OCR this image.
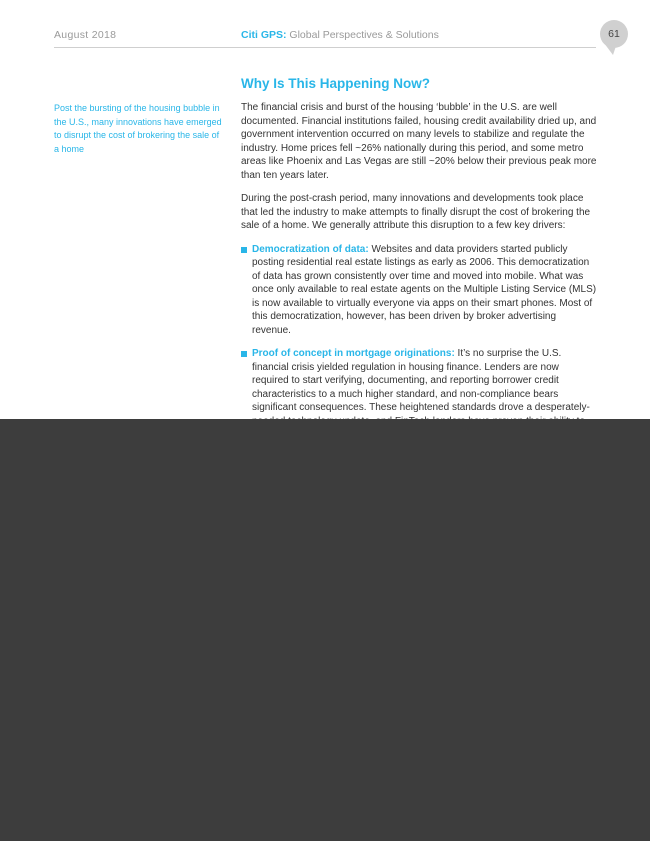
August 2018	Citi GPS: Global Perspectives & Solutions	61
Post the bursting of the housing bubble in the U.S., many innovations have emerged to disrupt the cost of brokering the sale of a home
Why Is This Happening Now?

The financial crisis and burst of the housing ‘bubble’ in the U.S. are well documented. Financial institutions failed, housing credit availability dried up, and government intervention occurred on many levels to stabilize and regulate the industry. Home prices fell ~26% nationally during this period, and some metro areas like Phoenix and Las Vegas are still ~20% below their previous peak more than ten years later.

During the post-crash period, many innovations and developments took place that led the industry to make attempts to finally disrupt the cost of brokering the sale of a home. We generally attribute this disruption to a few key drivers:

Democratization of data: Websites and data providers started publicly posting residential real estate listings as early as 2006. This democratization of data has grown consistently over time and moved into mobile. What was once only available to real estate agents on the Multiple Listing Service (MLS) is now available to virtually everyone via apps on their smart phones. Most of this democratization, however, has been driven by broker advertising revenue.
Proof of concept in mortgage originations: It’s no surprise the U.S. financial crisis yielded regulation in housing finance. Lenders are now required to start verifying, documenting, and reporting borrower credit characteristics to a much higher standard, and non-compliance bears significant consequences. These heightened standards drove a desperately-
